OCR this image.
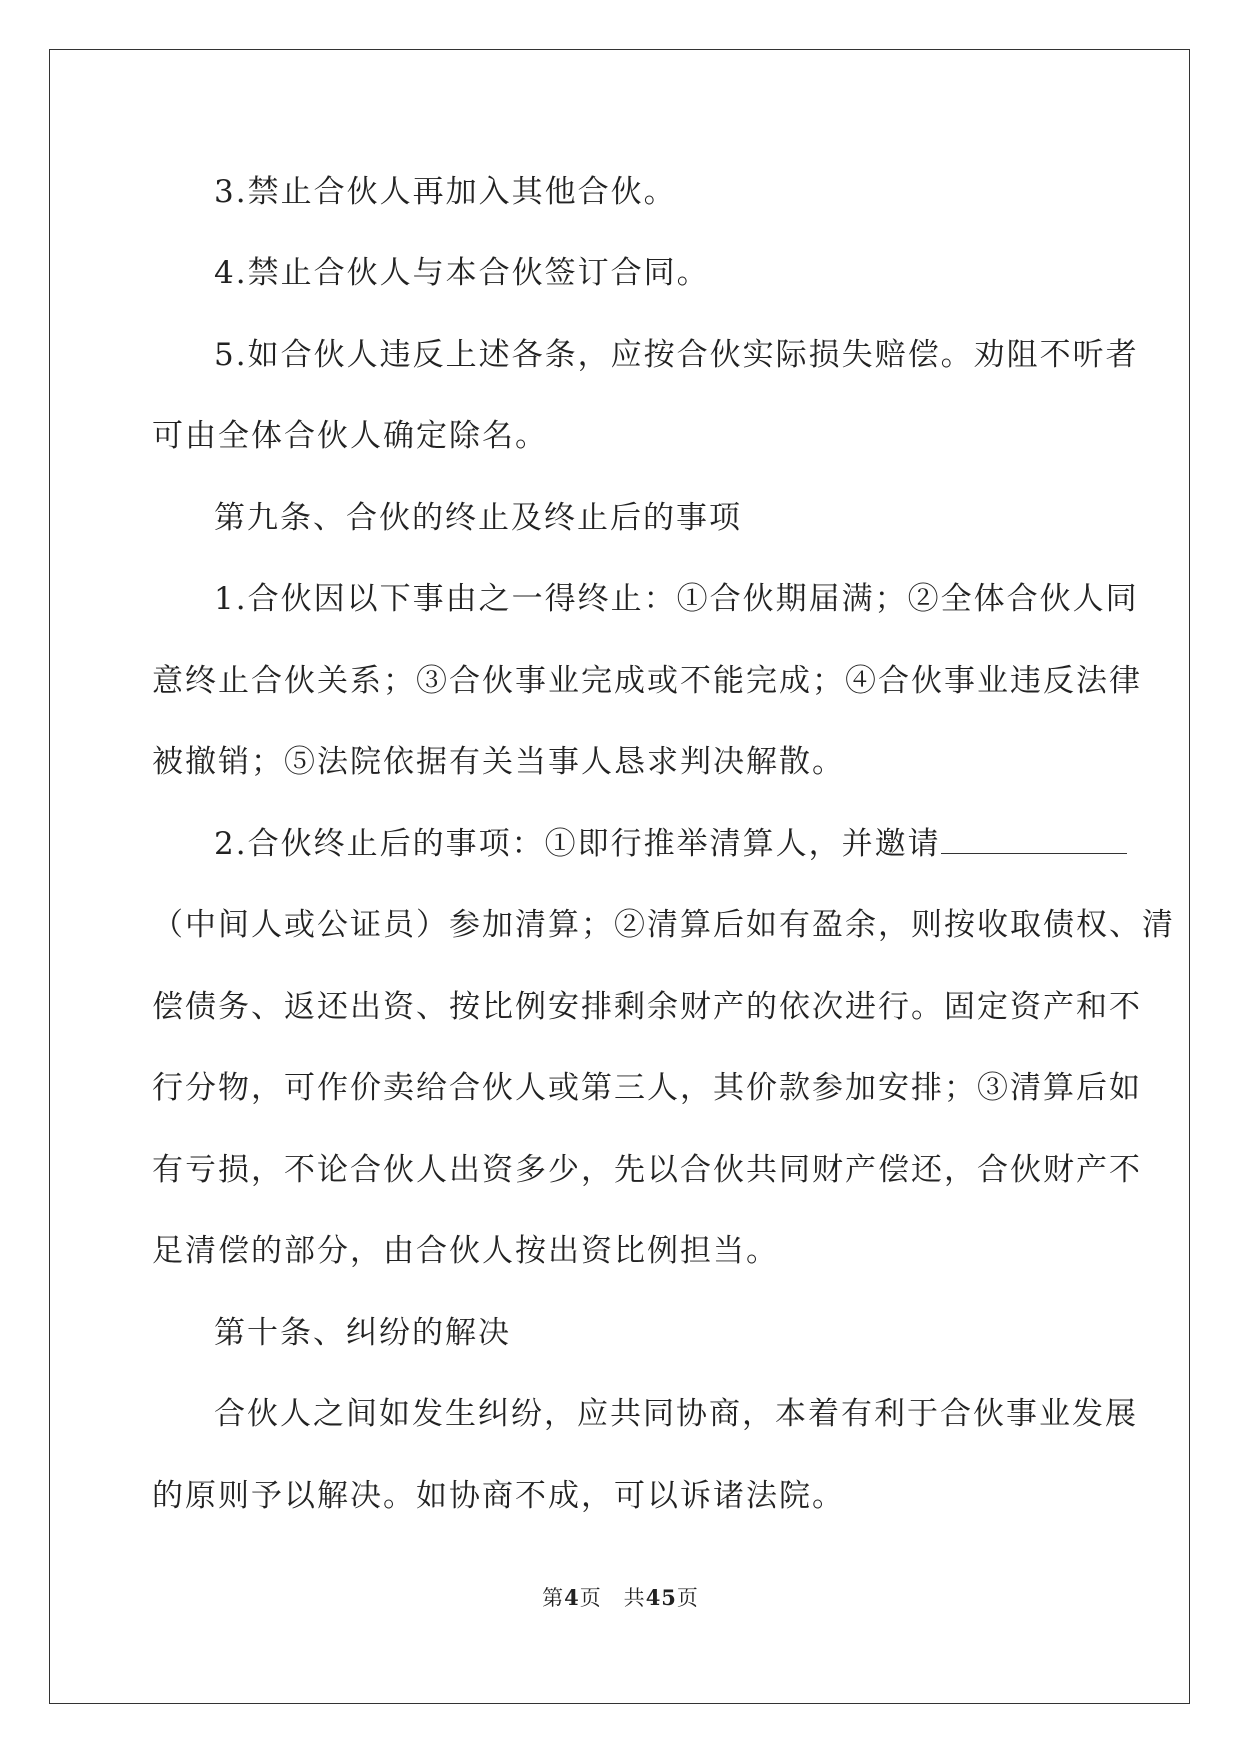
3.禁止合伙人再加入其他合伙。
4.禁止合伙人与本合伙签订合同。
5.如合伙人违反上述各条，应按合伙实际损失赔偿。劝阻不听者
可由全体合伙人确定除名。
第九条、合伙的终止及终止后的事项
1.合伙因以下事由之一得终止：①合伙期届满；②全体合伙人同
意终止合伙关系；③合伙事业完成或不能完成；④合伙事业违反法律
被撤销；⑤法院依据有关当事人恳求判决解散。
2.合伙终止后的事项：①即行推举清算人，并邀请
（中间人或公证员）参加清算；②清算后如有盈余，则按收取债权、清
偿债务、返还出资、按比例安排剩余财产的依次进行。固定资产和不
行分物，可作价卖给合伙人或第三人，其价款参加安排；③清算后如
有亏损，不论合伙人出资多少，先以合伙共同财产偿还，合伙财产不
足清偿的部分，由合伙人按出资比例担当。
第十条、纠纷的解决
合伙人之间如发生纠纷，应共同协商，本着有利于合伙事业发展
的原则予以解决。如协商不成，可以诉诸法院。
第4页　共45页
